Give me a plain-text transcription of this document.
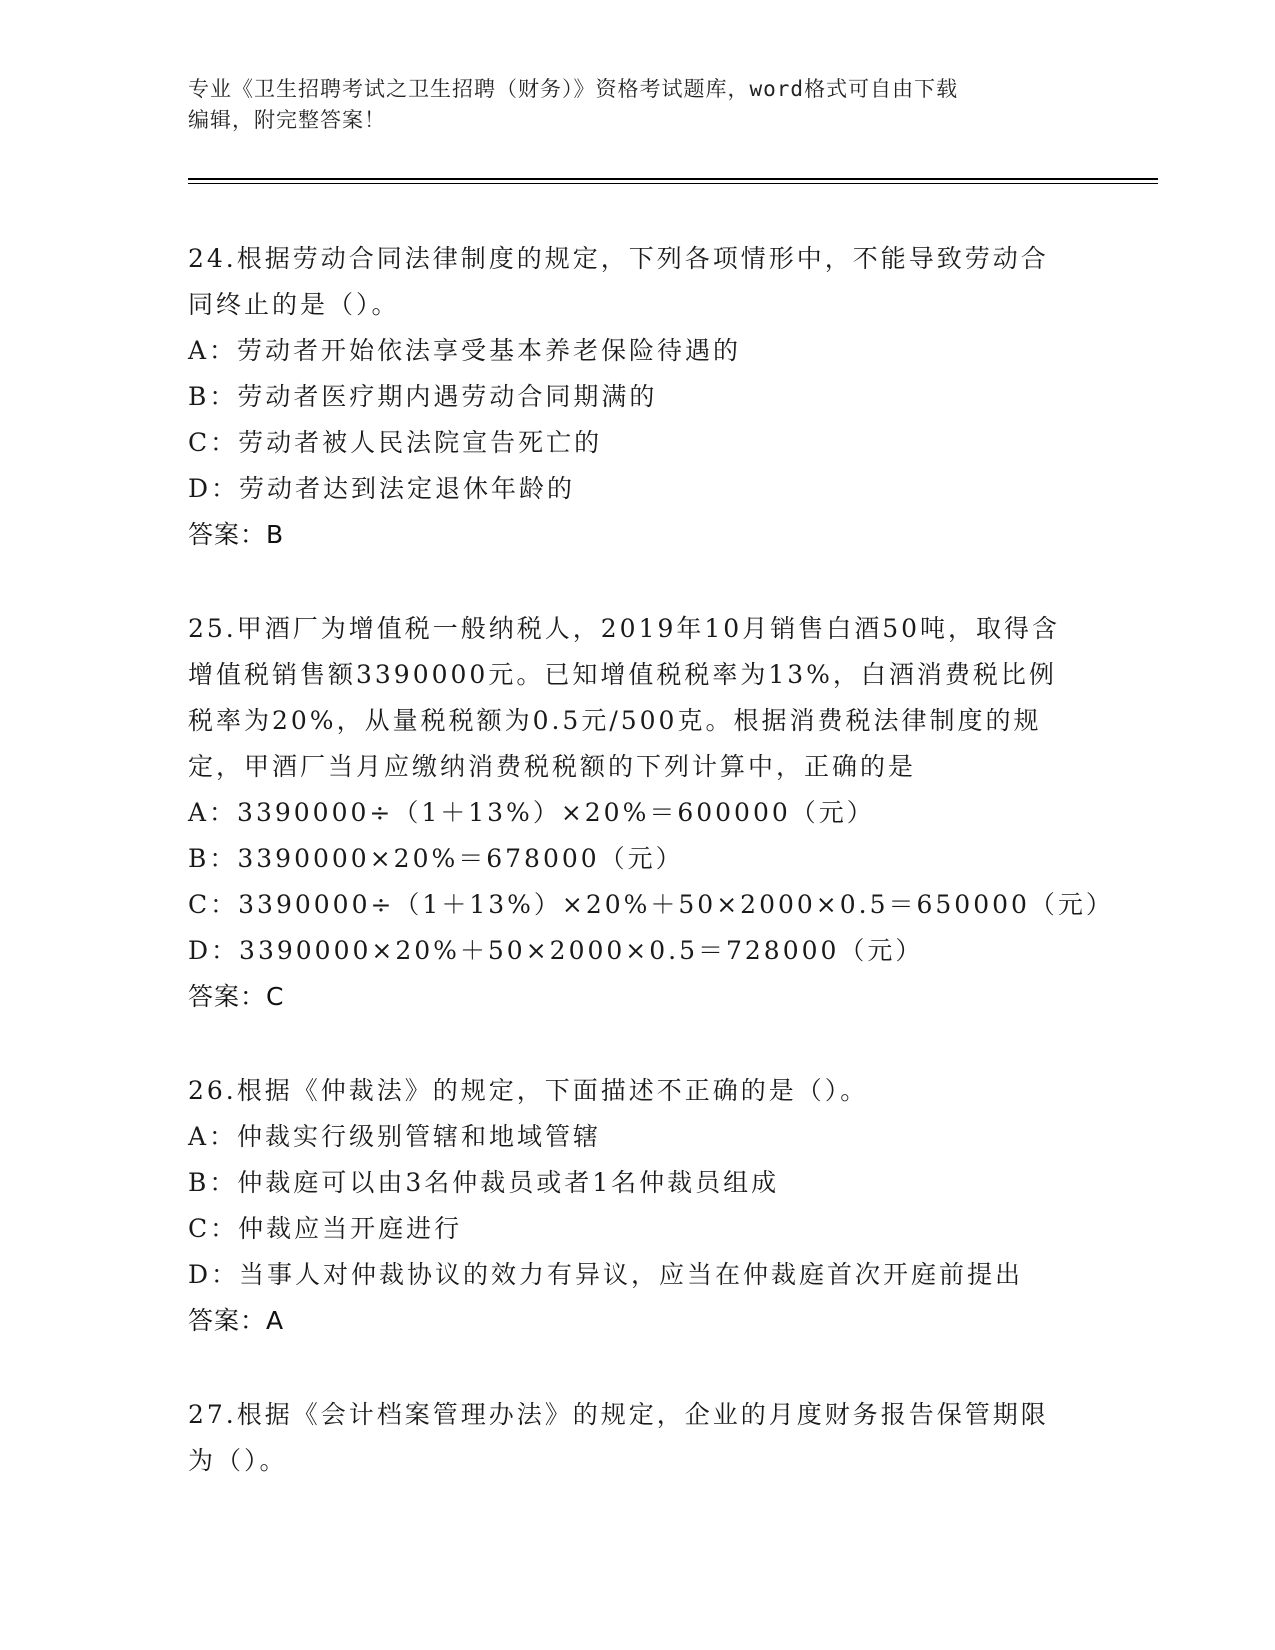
专业《卫生招聘考试之卫生招聘（财务）》资格考试题库，word格式可自由下载
编辑，附完整答案！
24.根据劳动合同法律制度的规定，下列各项情形中，不能导致劳动合
同终止的是（）。
A：劳动者开始依法享受基本养老保险待遇的
B：劳动者医疗期内遇劳动合同期满的
C：劳动者被人民法院宣告死亡的
D：劳动者达到法定退休年龄的
答案：B
25.甲酒厂为增值税一般纳税人，2019年10月销售白酒50吨，取得含
增值税销售额3390000元。已知增值税税率为13%，白酒消费税比例
税率为20%，从量税税额为0.5元/500克。根据消费税法律制度的规
定，甲酒厂当月应缴纳消费税税额的下列计算中，正确的是
A：3390000÷（1＋13%）×20%＝600000（元）
B：3390000×20%＝678000（元）
C：3390000÷（1＋13%）×20%＋50×2000×0.5＝650000（元）
D：3390000×20%＋50×2000×0.5＝728000（元）
答案：C
26.根据《仲裁法》的规定，下面描述不正确的是（）。
A：仲裁实行级别管辖和地域管辖
B：仲裁庭可以由3名仲裁员或者1名仲裁员组成
C：仲裁应当开庭进行
D：当事人对仲裁协议的效力有异议，应当在仲裁庭首次开庭前提出
答案：A
27.根据《会计档案管理办法》的规定，企业的月度财务报告保管期限
为（）。
